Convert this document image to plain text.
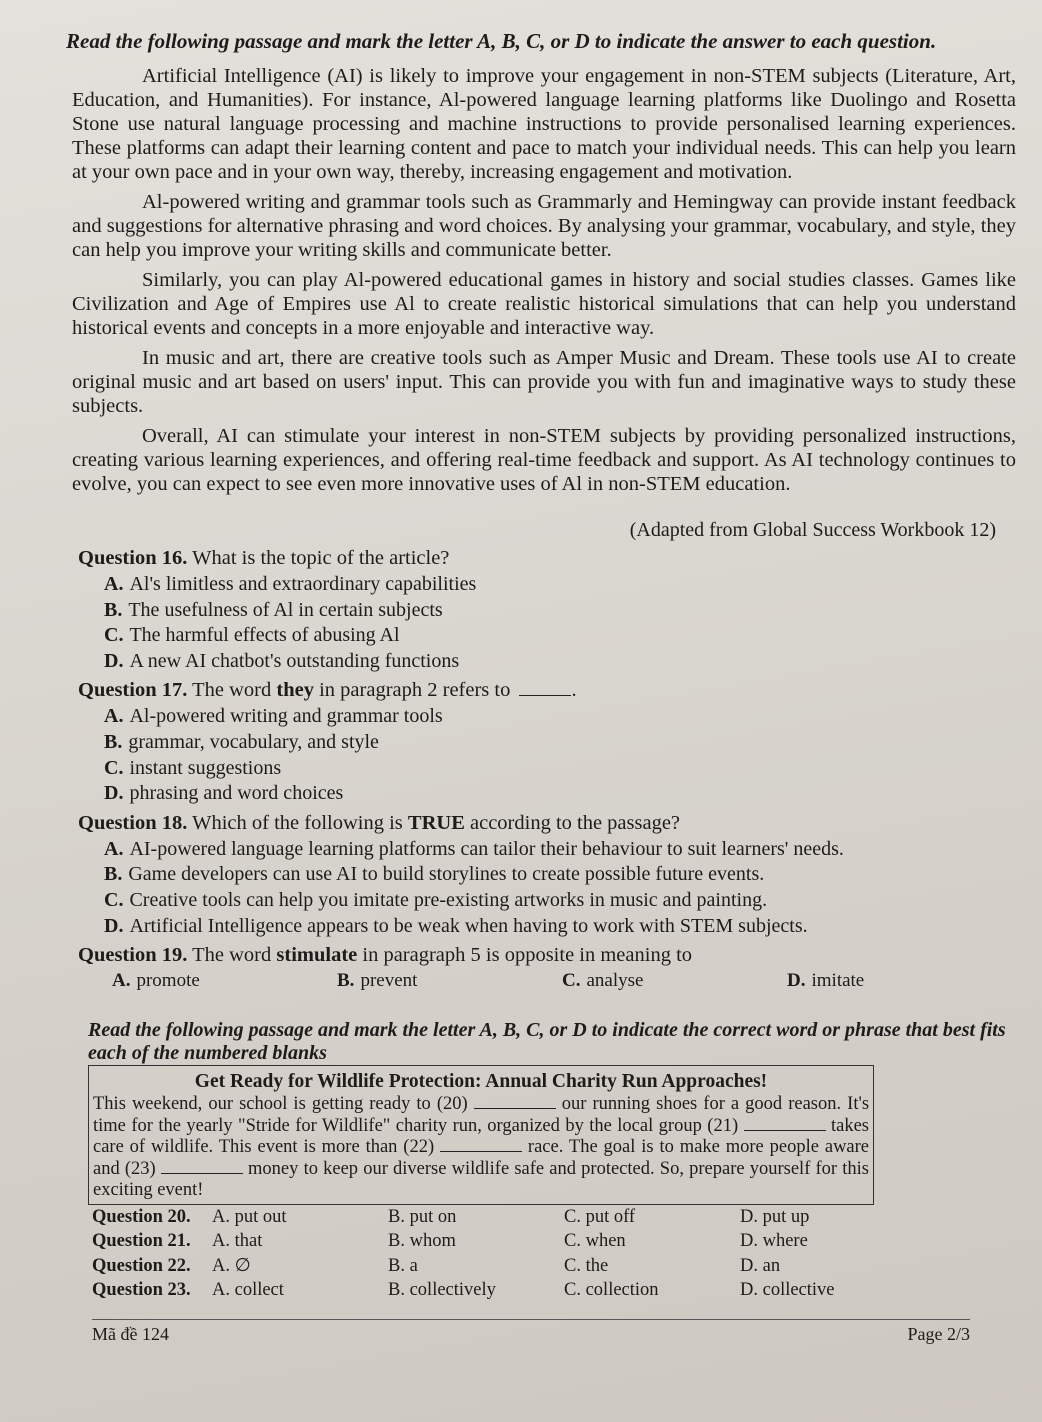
Read the following passage and mark the letter A, B, C, or D to indicate the answer to each question.

Artificial Intelligence (AI) is likely to improve your engagement in non-STEM subjects (Literature, Art, Education, and Humanities). For instance, Al-powered language learning platforms like Duolingo and Rosetta Stone use natural language processing and machine instructions to provide personalised learning experiences. These platforms can adapt their learning content and pace to match your individual needs. This can help you learn at your own pace and in your own way, thereby, increasing engagement and motivation.

Al-powered writing and grammar tools such as Grammarly and Hemingway can provide instant feedback and suggestions for alternative phrasing and word choices. By analysing your grammar, vocabulary, and style, they can help you improve your writing skills and communicate better.

Similarly, you can play Al-powered educational games in history and social studies classes. Games like Civilization and Age of Empires use Al to create realistic historical simulations that can help you understand historical events and concepts in a more enjoyable and interactive way.

In music and art, there are creative tools such as Amper Music and Dream. These tools use AI to create original music and art based on users' input. This can provide you with fun and imaginative ways to study these subjects.

Overall, AI can stimulate your interest in non-STEM subjects by providing personalized instructions, creating various learning experiences, and offering real-time feedback and support. As AI technology continues to evolve, you can expect to see even more innovative uses of Al in non-STEM education.

(Adapted from Global Success Workbook 12)
Question 16. What is the topic of the article?
A. Al's limitless and extraordinary capabilities
B. The usefulness of Al in certain subjects
C. The harmful effects of abusing Al
D. A new AI chatbot's outstanding functions
Question 17. The word they in paragraph 2 refers to	.
A. Al-powered writing and grammar tools
B. grammar, vocabulary, and style
C. instant suggestions
D. phrasing and word choices
Question 18. Which of the following is TRUE according to the passage?
A. AI-powered language learning platforms can tailor their behaviour to suit learners' needs.
B. Game developers can use AI to build storylines to create possible future events.
C. Creative tools can help you imitate pre-existing artworks in music and painting.
D. Artificial Intelligence appears to be weak when having to work with STEM subjects.
Question 19. The word stimulate in paragraph 5 is opposite in meaning to
A. promote	B. prevent	C. analyse	D. imitate

Read the following passage and mark the letter A, B, C, or D to indicate the correct word or phrase that best fits each of the numbered blanks

Get Ready for Wildlife Protection: Annual Charity Run Approaches!
This weekend, our school is getting ready to (20)	our running shoes for a good reason. It's time for the yearly "Stride for Wildlife" charity run, organized by the local group (21)	takes care of wildlife. This event is more than (22)	race. The goal is to make more people aware and (23)	money to keep our diverse wildlife safe and protected. So, prepare yourself for this exciting event!
Question 20.	A. put out	B. put on	C. put off	D. put up
Question 21.	A. that	B. whom	C. when	D. where
Question 22.	A. ∅	B. a	C. the	D. an
Question 23.	A. collect	B. collectively	C. collection	D. collective
Mã đề 124	Page 2/3
